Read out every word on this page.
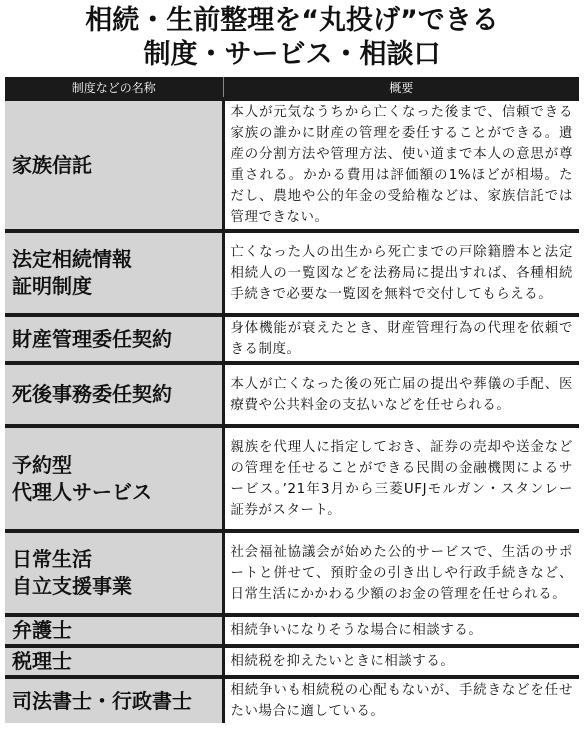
相続・生前整理を“丸投げ”できる
制度・サービス・相談口
制度などの名称	概要

家族信託	本人が元気なうちから亡くなった後まで、信頼できる家族の誰かに財産の管理を委任することができる。遺産の分割方法や管理方法、使い道まで本人の意思が尊重される。かかる費用は評価額の1%ほどが相場。ただし、農地や公的年金の受給権などは、家族信託では管理できない。

法定相続情報
証明制度	亡くなった人の出生から死亡までの戸除籍謄本と法定相続人の一覧図などを法務局に提出すれば、各種相続手続きで必要な一覧図を無料で交付してもらえる。

財産管理委任契約	身体機能が衰えたとき、財産管理行為の代理を依頼できる制度。

死後事務委任契約	本人が亡くなった後の死亡届の提出や葬儀の手配、医療費や公共料金の支払いなどを任せられる。

予約型
代理人サービス	親族を代理人に指定しておき、証券の売却や送金などの管理を任せることができる民間の金融機関によるサービス。’21年3月から三菱UFJモルガン・スタンレー証券がスタート。

日常生活
自立支援事業	社会福祉協議会が始めた公的サービスで、生活のサポートと併せて、預貯金の引き出しや行政手続きなど、日常生活にかかわる少額のお金の管理を任せられる。

弁護士	相続争いになりそうな場合に相談する。

税理士	相続税を抑えたいときに相談する。

司法書士・行政書士	相続争いも相続税の心配もないが、手続きなどを任せたい場合に適している。
